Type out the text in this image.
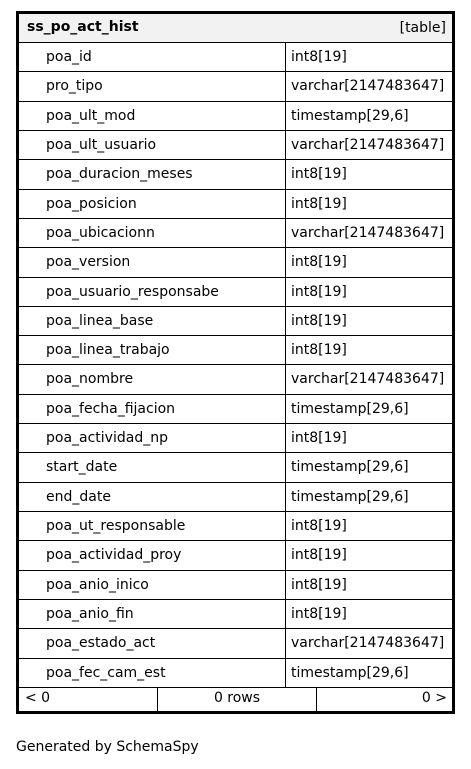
ss_po_act_hist	[table]
poa_id	int8[19]
pro_tipo	varchar[2147483647]
poa_ult_mod	timestamp[29,6]
poa_ult_usuario	varchar[2147483647]
poa_duracion_meses	int8[19]
poa_posicion	int8[19]
poa_ubicacionn	varchar[2147483647]
poa_version	int8[19]
poa_usuario_responsabe	int8[19]
poa_linea_base	int8[19]
poa_linea_trabajo	int8[19]
poa_nombre	varchar[2147483647]
poa_fecha_fijacion	timestamp[29,6]
poa_actividad_np	int8[19]
start_date	timestamp[29,6]
end_date	timestamp[29,6]
poa_ut_responsable	int8[19]
poa_actividad_proy	int8[19]
poa_anio_inico	int8[19]
poa_anio_fin	int8[19]
poa_estado_act	varchar[2147483647]
poa_fec_cam_est	timestamp[29,6]
< 0	0 rows	0 >
Generated by SchemaSpy
